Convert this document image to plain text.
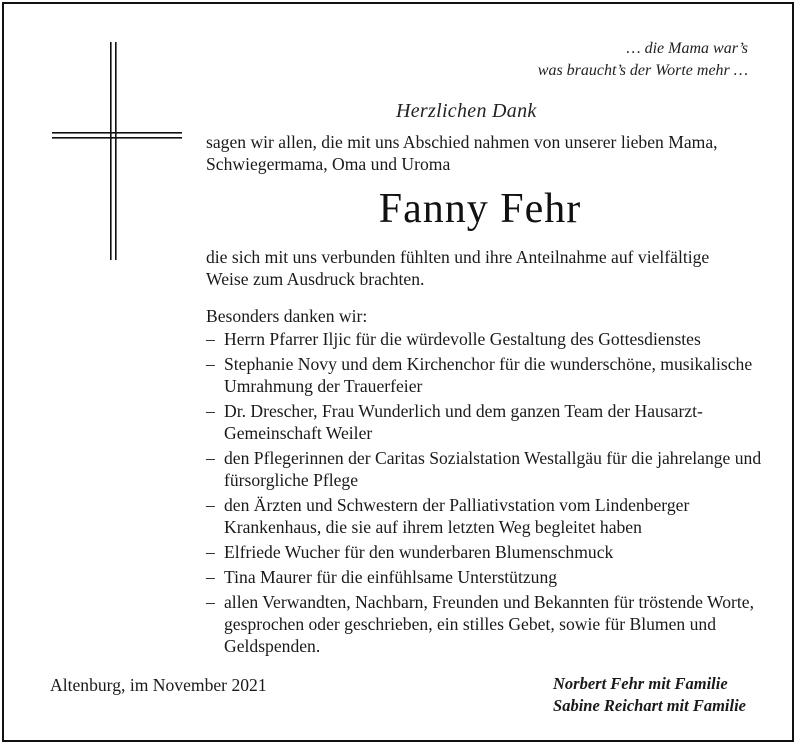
… die Mama war’s
was braucht’s der Worte mehr …
Herzlichen Dank
sagen wir allen, die mit uns Abschied nahmen von unserer lieben Mama, Schwiegermama, Oma und Uroma
Fanny Fehr
die sich mit uns verbunden fühlten und ihre Anteilnahme auf vielfältige Weise zum Ausdruck brachten.
Besonders danken wir:
– Herrn Pfarrer Iljic für die würdevolle Gestaltung des Gottesdienstes
– Stephanie Novy und dem Kirchenchor für die wunderschöne, musikalische Umrahmung der Trauerfeier
– Dr. Drescher, Frau Wunderlich und dem ganzen Team der Hausarzt-Gemeinschaft Weiler
– den Pflegerinnen der Caritas Sozialstation Westallgäu für die jahrelange und fürsorgliche Pflege
– den Ärzten und Schwestern der Palliativstation vom Lindenberger Krankenhaus, die sie auf ihrem letzten Weg begleitet haben
– Elfriede Wucher für den wunderbaren Blumenschmuck
– Tina Maurer für die einfühlsame Unterstützung
– allen Verwandten, Nachbarn, Freunden und Bekannten für tröstende Worte, gesprochen oder geschrieben, ein stilles Gebet, sowie für Blumen und Geldspenden.
Altenburg, im November 2021	Norbert Fehr mit Familie
Sabine Reichart mit Familie
